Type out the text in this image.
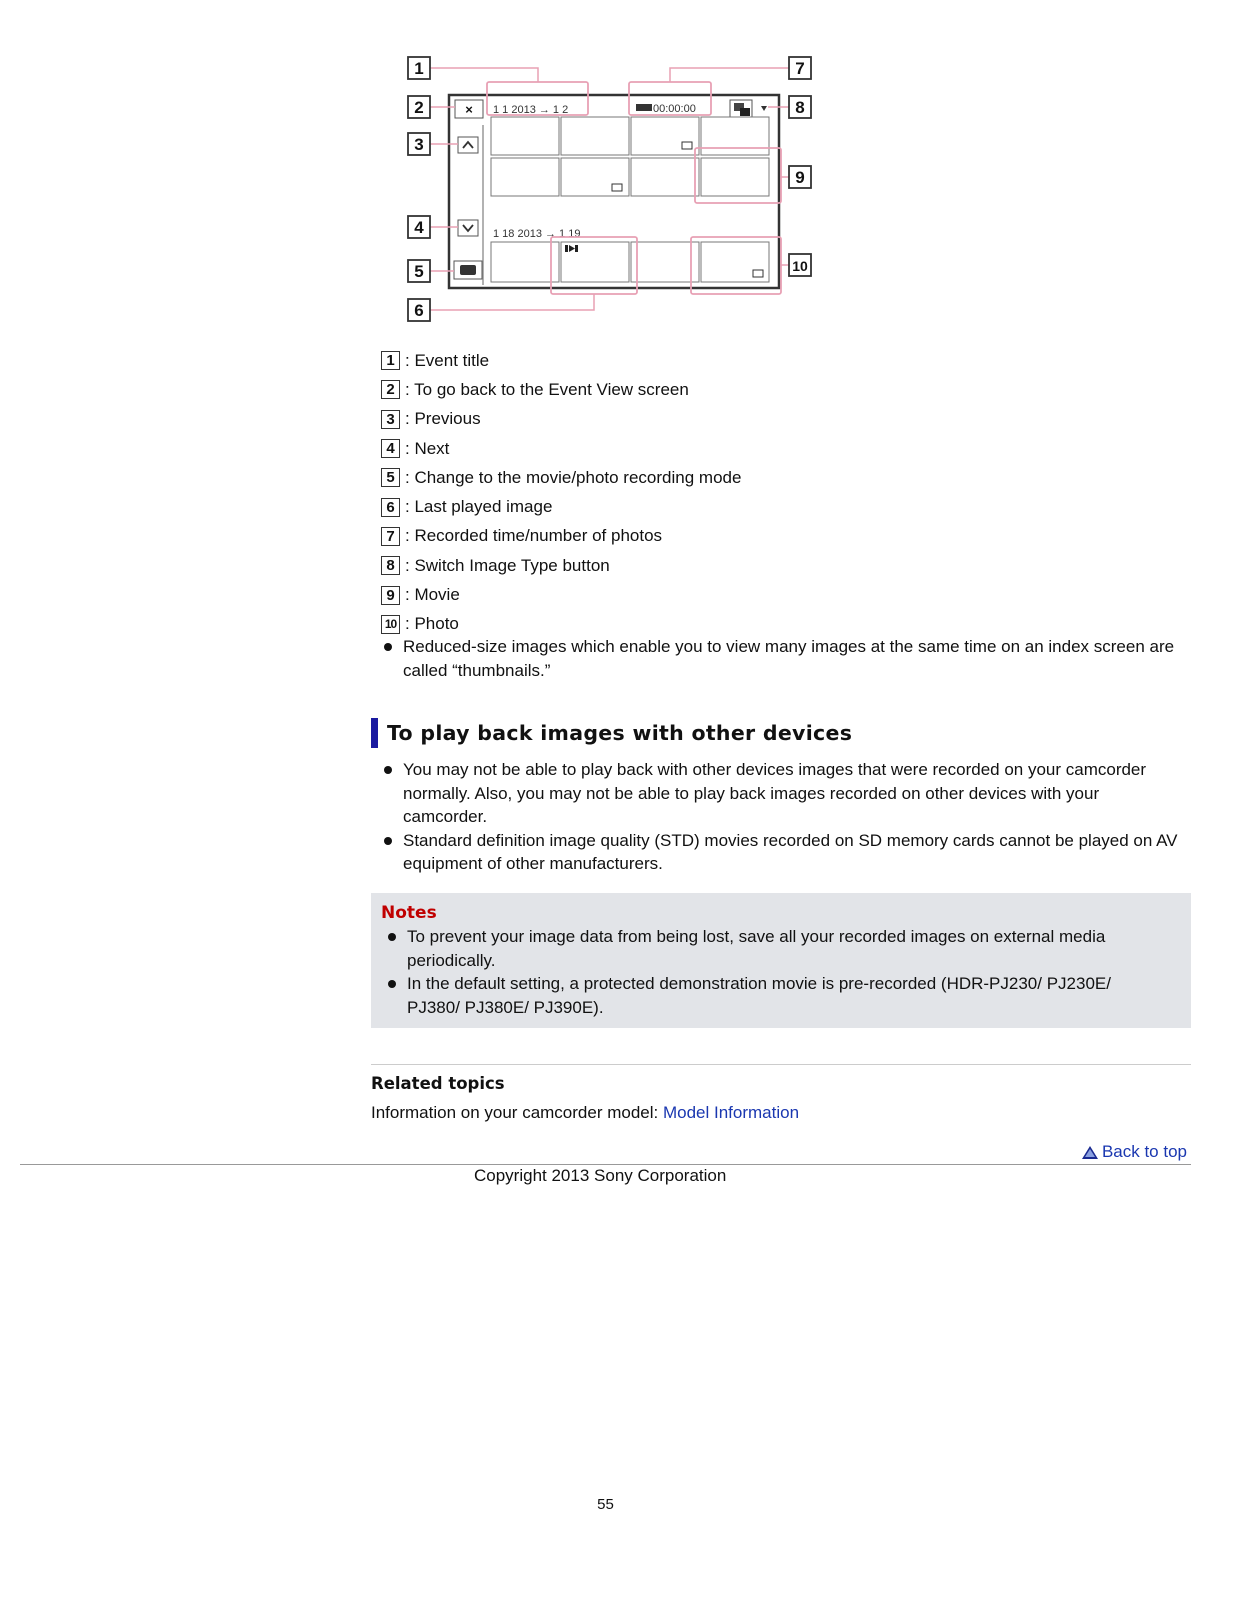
× 1 1 2013 → 1 2	00:00:00
1 18 2013 → 1 19
1
2
3
4
5
6
7
8
9
10
1 : Event title
2 : To go back to the Event View screen
3 : Previous
4 : Next
5 : Change to the movie/photo recording mode
6 : Last played image
7 : Recorded time/number of photos
8 : Switch Image Type button
9 : Movie
10 : Photo
Reduced-size images which enable you to view many images at the same time on an index screen are called “thumbnails.”
To play back images with other devices
You may not be able to play back with other devices images that were recorded on your camcorder normally. Also, you may not be able to play back images recorded on other devices with your camcorder.
Standard definition image quality (STD) movies recorded on SD memory cards cannot be played on AV equipment of other manufacturers.
Notes
To prevent your image data from being lost, save all your recorded images on external media periodically.
In the default setting, a protected demonstration movie is pre-recorded (HDR-PJ230/ PJ230E/ PJ380/ PJ380E/ PJ390E).
Related topics
Information on your camcorder model: Model Information
Back to top
Copyright 2013 Sony Corporation
55
